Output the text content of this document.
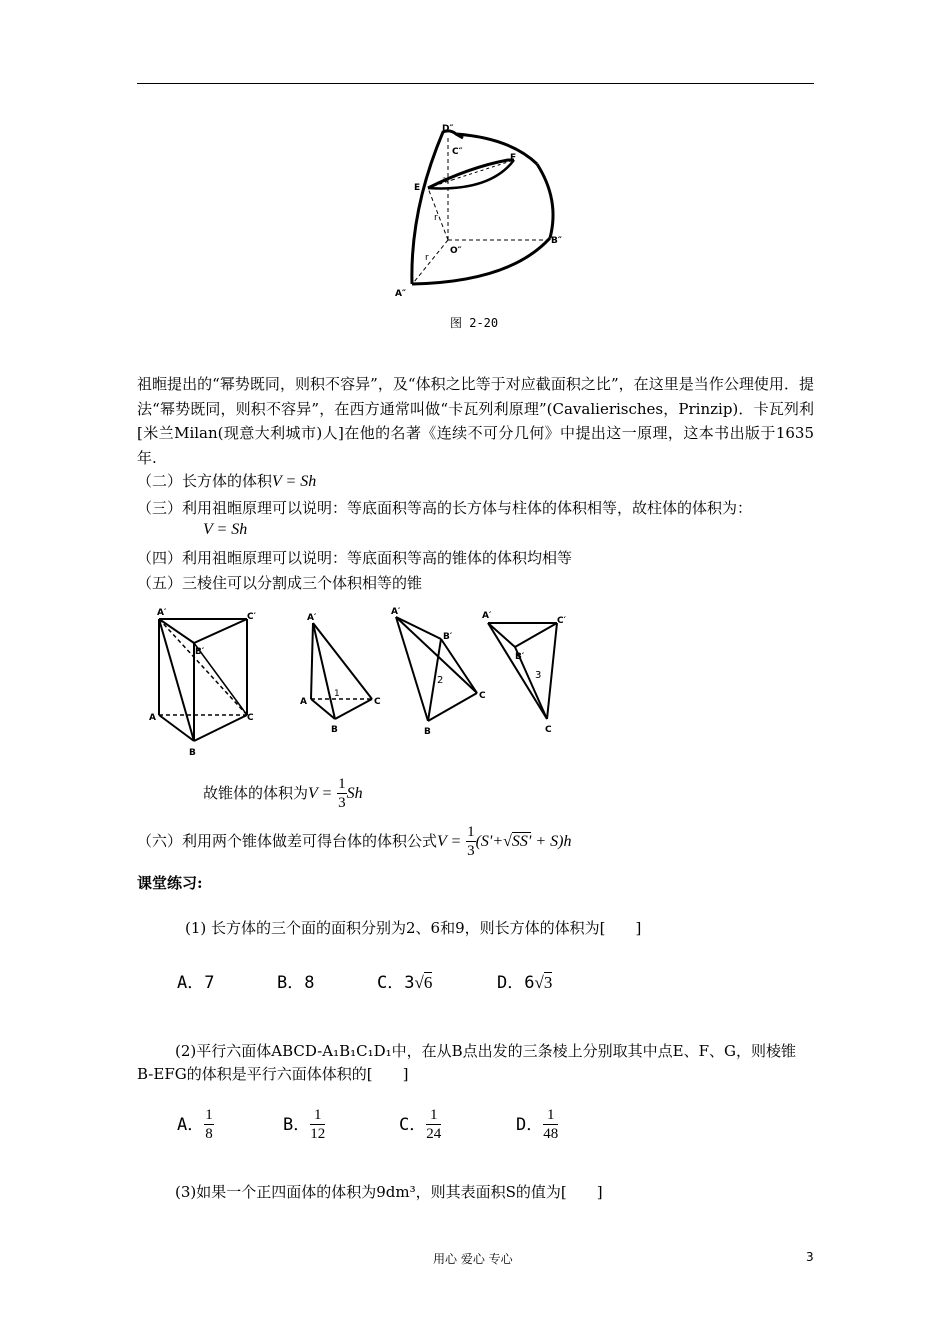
D″
C″
F
E
a
r
O″
B″
r
A″
图 2-20
祖暅提出的“幂势既同，则积不容异”，及“体积之比等于对应截面积之比”，在这里是当作公理使用．提法“幂势既同，则积不容异”，在西方通常叫做“卡瓦列利原理”(Cavalierisches，Prinzip)．卡瓦列利[米兰Milan(现意大利城市)人]在他的名著《连续不可分几何》中提出这一原理，这本书出版于1635年.
（二）长方体的体积V = Sh
（三）利用祖暅原理可以说明：等底面积等高的长方体与柱体的体积相等，故柱体的体积为：
V = Sh
（四）利用祖暅原理可以说明：等底面积等高的锥体的体积均相等
（五）三棱住可以分割成三个体积相等的锥
A′	C′
B′
A	C
B
A′
A
B
C
1
A′
B′
2
C
B
A′	C′
B′
3
C
故锥体的体积为$V = \frac{1}{3}$ Sh
（六）利用两个锥体做差可得台体的体积公式$V = \frac{1}{3} (S'+√SS' + S)h$
课堂练习:
(1) 长方体的三个面的面积分别为2、6和9，则长方体的体积为[　　]
A．7	B．8	C．3√6	D．6√3
(2)平行六面体ABCD-A₁B₁C₁D₁中，在从B点出发的三条棱上分别取其中点E、F、G，则棱锥
B-EFG的体积是平行六面体体积的[　　]
A． $\frac{1}{8}$	B． $\frac{1}{12}$	C． $\frac{1}{24}$	D． $\frac{1}{48}$
(3)如果一个正四面体的体积为9dm³，则其表面积S的值为[　　]
用心 爱心 专心	3
